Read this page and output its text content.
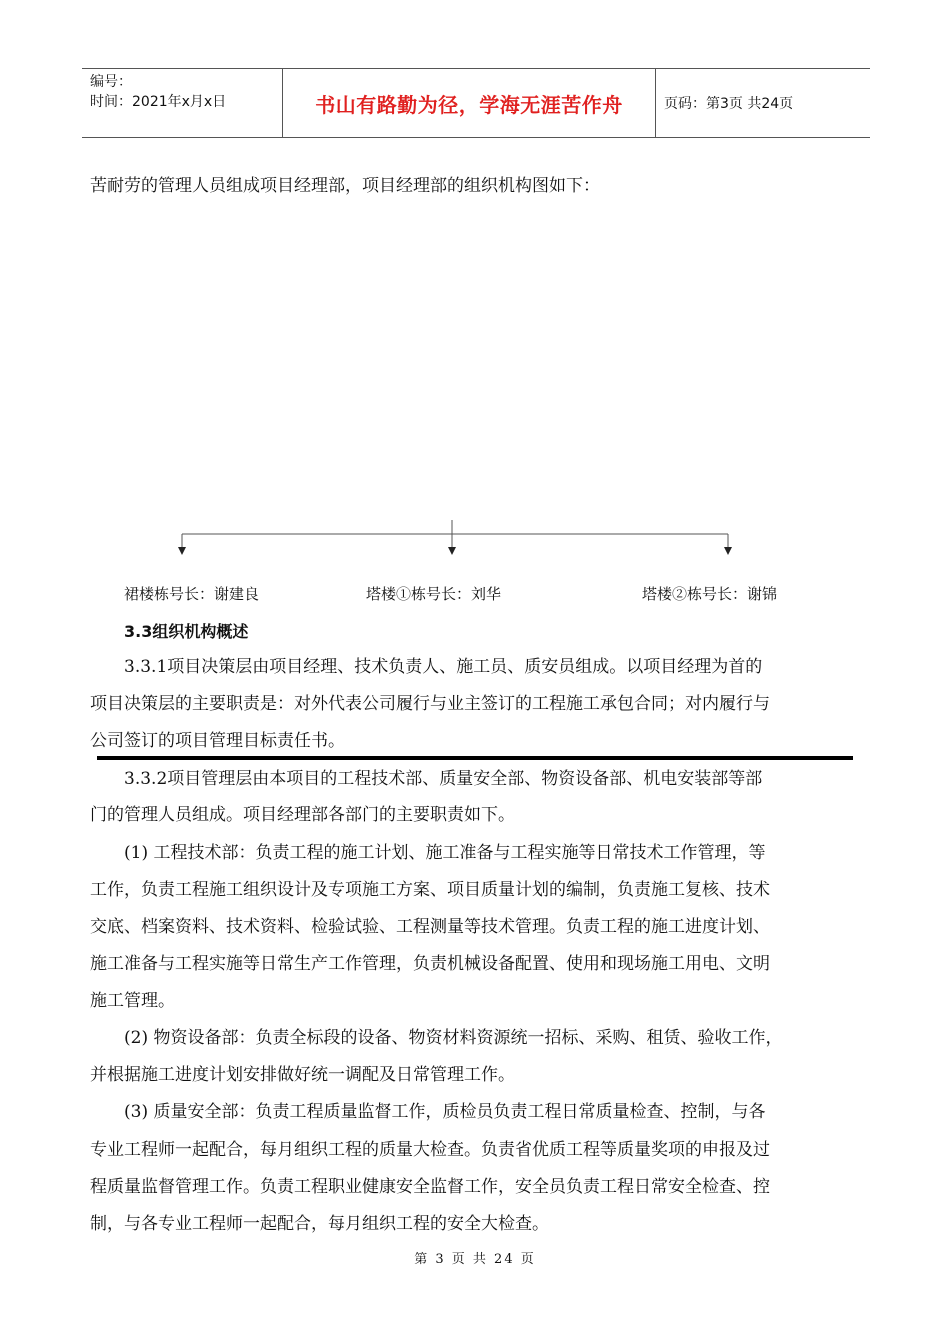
编号：
时间：2021年x月x日	书山有路勤为径，学海无涯苦作舟	页码：第3页 共24页
苦耐劳的管理人员组成项目经理部，项目经理部的组织机构图如下：
裙楼栋号长：谢建良	塔楼①栋号长：刘华	塔楼②栋号长：谢锦
3.3组织机构概述
3.3.1项目决策层由项目经理、技术负责人、施工员、质安员组成。以项目经理为首的
项目决策层的主要职责是：对外代表公司履行与业主签订的工程施工承包合同；对内履行与
公司签订的项目管理目标责任书。
3.3.2项目管理层由本项目的工程技术部、质量安全部、物资设备部、机电安装部等部
门的管理人员组成。项目经理部各部门的主要职责如下。
(1) 工程技术部：负责工程的施工计划、施工准备与工程实施等日常技术工作管理，等
工作，负责工程施工组织设计及专项施工方案、项目质量计划的编制，负责施工复核、技术
交底、档案资料、技术资料、检验试验、工程测量等技术管理。负责工程的施工进度计划、
施工准备与工程实施等日常生产工作管理，负责机械设备配置、使用和现场施工用电、文明
施工管理。
(2) 物资设备部：负责全标段的设备、物资材料资源统一招标、采购、租赁、验收工作，
并根据施工进度计划安排做好统一调配及日常管理工作。
(3) 质量安全部：负责工程质量监督工作，质检员负责工程日常质量检查、控制，与各
专业工程师一起配合，每月组织工程的质量大检查。负责省优质工程等质量奖项的申报及过
程质量监督管理工作。负责工程职业健康安全监督工作，安全员负责工程日常安全检查、控
制，与各专业工程师一起配合，每月组织工程的安全大检查。
第 3 页 共 24 页
